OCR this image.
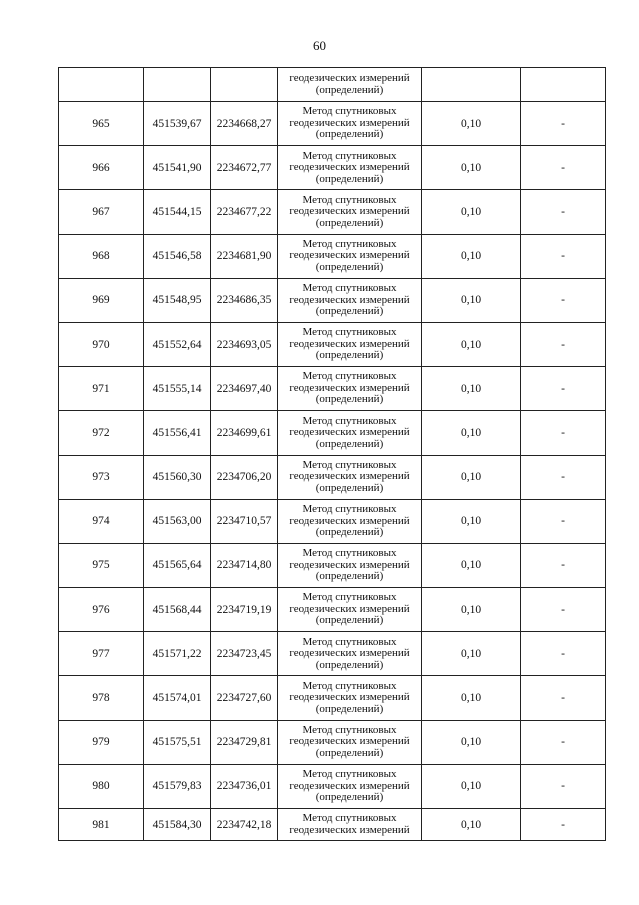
60

			геодезических измерений
(определений)		

965	451539,67	2234668,27	Метод спутниковых
геодезических измерений
(определений)	0,10	-
966	451541,90	2234672,77	Метод спутниковых
геодезических измерений
(определений)	0,10	-
967	451544,15	2234677,22	Метод спутниковых
геодезических измерений
(определений)	0,10	-
968	451546,58	2234681,90	Метод спутниковых
геодезических измерений
(определений)	0,10	-
969	451548,95	2234686,35	Метод спутниковых
геодезических измерений
(определений)	0,10	-
970	451552,64	2234693,05	Метод спутниковых
геодезических измерений
(определений)	0,10	-
971	451555,14	2234697,40	Метод спутниковых
геодезических измерений
(определений)	0,10	-
972	451556,41	2234699,61	Метод спутниковых
геодезических измерений
(определений)	0,10	-
973	451560,30	2234706,20	Метод спутниковых
геодезических измерений
(определений)	0,10	-
974	451563,00	2234710,57	Метод спутниковых
геодезических измерений
(определений)	0,10	-
975	451565,64	2234714,80	Метод спутниковых
геодезических измерений
(определений)	0,10	-
976	451568,44	2234719,19	Метод спутниковых
геодезических измерений
(определений)	0,10	-
977	451571,22	2234723,45	Метод спутниковых
геодезических измерений
(определений)	0,10	-
978	451574,01	2234727,60	Метод спутниковых
геодезических измерений
(определений)	0,10	-
979	451575,51	2234729,81	Метод спутниковых
геодезических измерений
(определений)	0,10	-
980	451579,83	2234736,01	Метод спутниковых
геодезических измерений
(определений)	0,10	-
981	451584,30	2234742,18	Метод спутниковых
геодезических измерений	0,10	-
